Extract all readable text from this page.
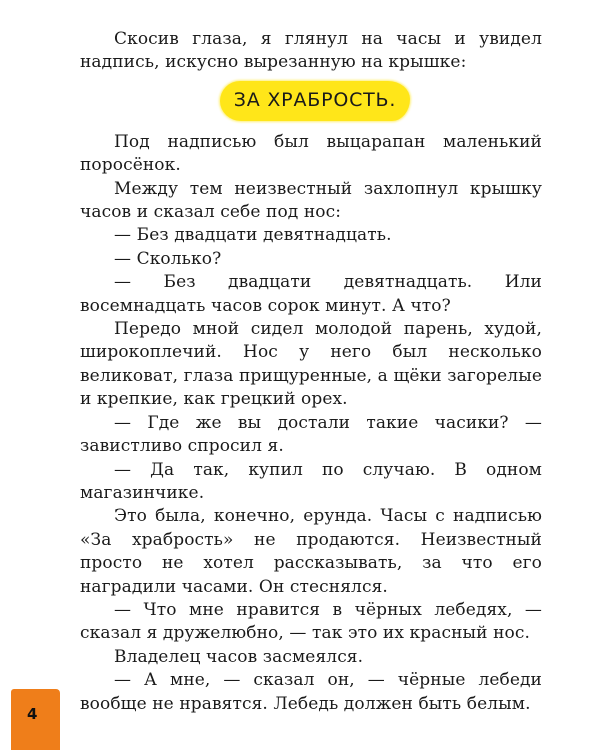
Скосив глаза, я глянул на часы и увидел надпись, искусно вырезанную на крышке:

ЗА ХРАБРОСТЬ.

Под надписью был выцарапан маленький поросёнок.

Между тем неизвестный захлопнул крышку часов и сказал себе под нос:

— Без двадцати девятнадцать.

— Сколько?

— Без двадцати девятнадцать. Или восемнадцать часов сорок минут. А что?

Передо мной сидел молодой парень, худой, широкоплечий. Нос у него был несколько великоват, глаза прищуренные, а щёки загорелые и крепкие, как грецкий орех.

— Где же вы достали такие часики? — завистливо спросил я.

— Да так, купил по случаю. В одном магазинчике.

Это была, конечно, ерунда. Часы с надписью «За храбрость» не продаются. Неизвестный просто не хотел рассказывать, за что его наградили часами. Он стеснялся.

— Что мне нравится в чёрных лебедях, — сказал я дружелюбно, — так это их красный нос.

Владелец часов засмеялся.

— А мне, — сказал он, — чёрные лебеди вообще не нравятся. Лебедь должен быть белым.

4
